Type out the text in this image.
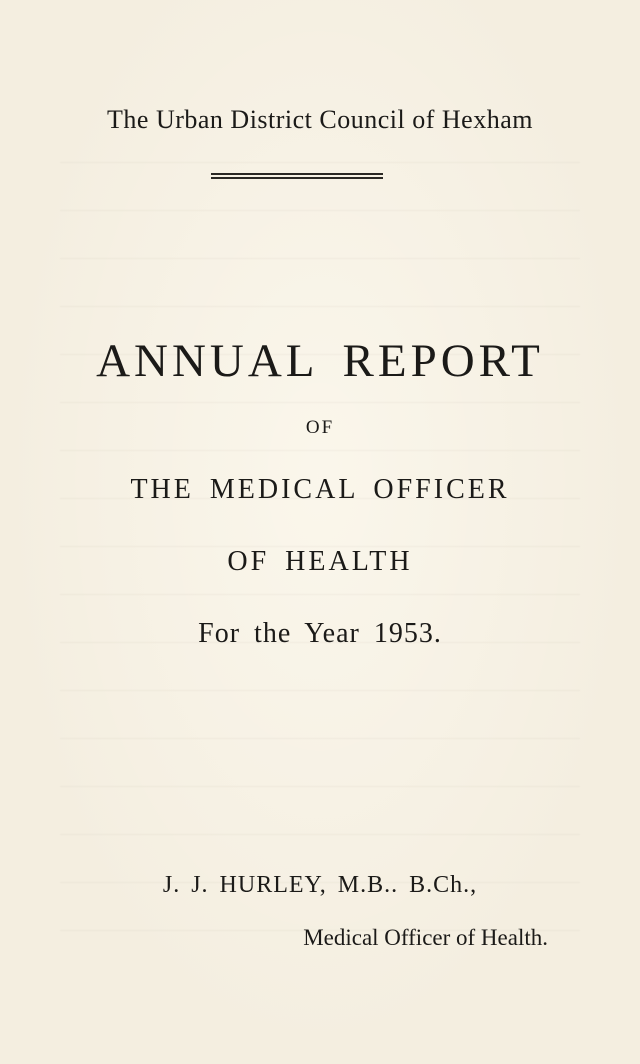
The Urban District Council of Hexham
ANNUAL REPORT
OF
THE MEDICAL OFFICER
OF HEALTH
For the Year 1953.
J. J. HURLEY, M.B.. B.Ch.,
Medical Officer of Health.
